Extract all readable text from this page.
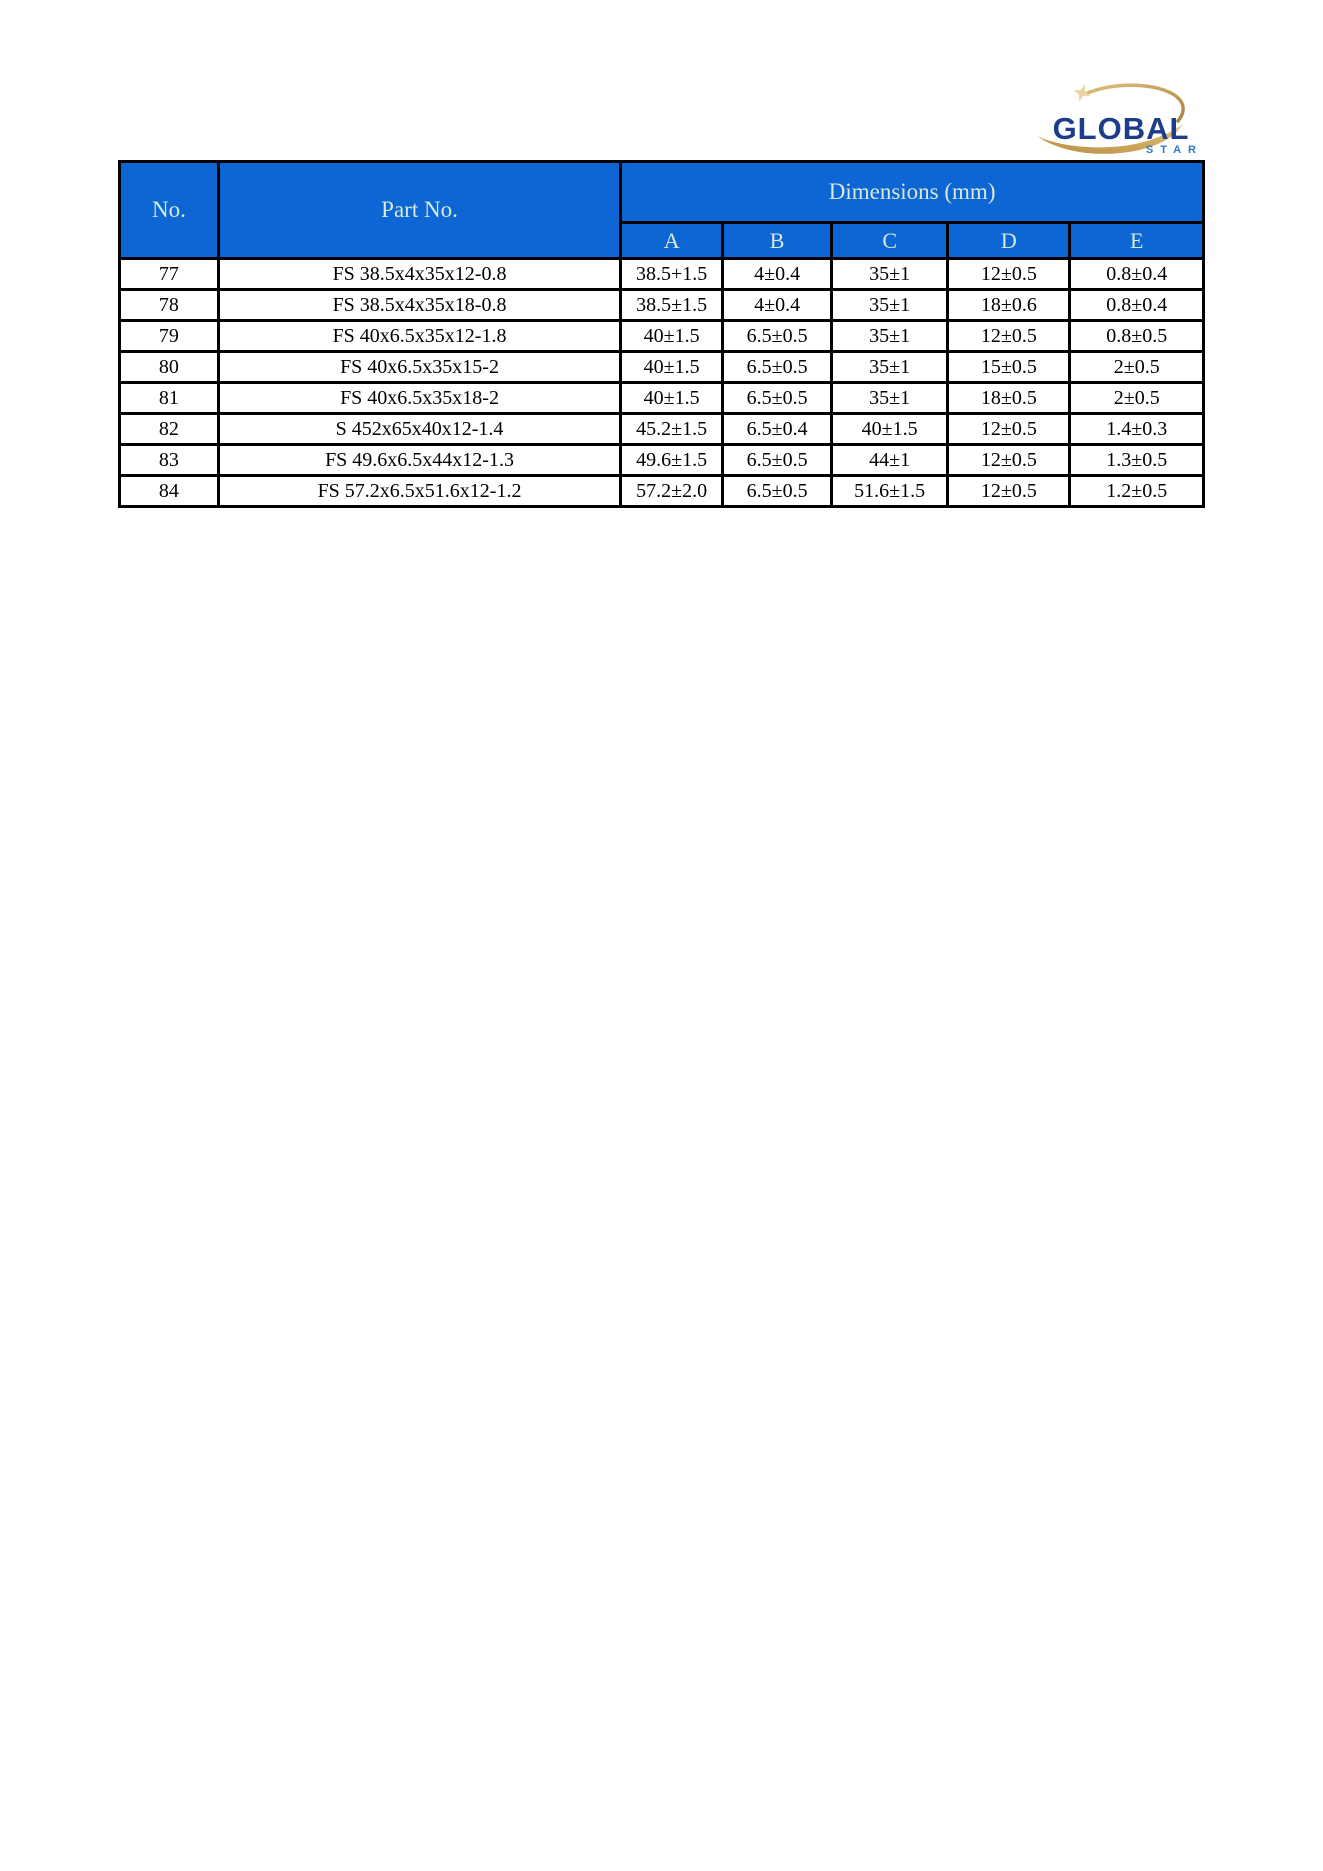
GLOBAL
STAR
No.	Part No.	Dimensions (mm)				
		A	B	C	D	E
77	FS 38.5x4x35x12-0.8	38.5+1.5	4±0.4	35±1	12±0.5	0.8±0.4
78	FS 38.5x4x35x18-0.8	38.5±1.5	4±0.4	35±1	18±0.6	0.8±0.4
79	FS 40x6.5x35x12-1.8	40±1.5	6.5±0.5	35±1	12±0.5	0.8±0.5
80	FS 40x6.5x35x15-2	40±1.5	6.5±0.5	35±1	15±0.5	2±0.5
81	FS 40x6.5x35x18-2	40±1.5	6.5±0.5	35±1	18±0.5	2±0.5
82	S 452x65x40x12-1.4	45.2±1.5	6.5±0.4	40±1.5	12±0.5	1.4±0.3
83	FS 49.6x6.5x44x12-1.3	49.6±1.5	6.5±0.5	44±1	12±0.5	1.3±0.5
84	FS 57.2x6.5x51.6x12-1.2	57.2±2.0	6.5±0.5	51.6±1.5	12±0.5	1.2±0.5
